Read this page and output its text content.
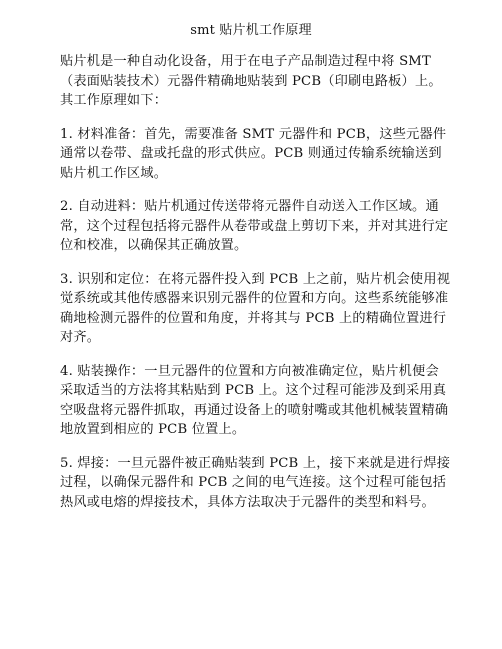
smt 贴片机工作原理

贴片机是一种自动化设备，用于在电子产品制造过程中将 SMT（表面贴装技术）元器件精确地贴装到 PCB（印刷电路板）上。其工作原理如下：

1. 材料准备：首先，需要准备 SMT 元器件和 PCB，这些元器件通常以卷带、盘或托盘的形式供应。PCB 则通过传输系统输送到贴片机工作区域。

2. 自动进料：贴片机通过传送带将元器件自动送入工作区域。通常，这个过程包括将元器件从卷带或盘上剪切下来，并对其进行定位和校准，以确保其正确放置。

3. 识别和定位：在将元器件投入到 PCB 上之前，贴片机会使用视觉系统或其他传感器来识别元器件的位置和方向。这些系统能够准确地检测元器件的位置和角度，并将其与 PCB 上的精确位置进行对齐。

4. 贴装操作：一旦元器件的位置和方向被准确定位，贴片机便会采取适当的方法将其粘贴到 PCB 上。这个过程可能涉及到采用真空吸盘将元器件抓取，再通过设备上的喷射嘴或其他机械装置精确地放置到相应的 PCB 位置上。

5. 焊接：一旦元器件被正确贴装到 PCB 上，接下来就是进行焊接过程，以确保元器件和 PCB 之间的电气连接。这个过程可能包括热风或电熔的焊接技术，具体方法取决于元器件的类型和料号。
